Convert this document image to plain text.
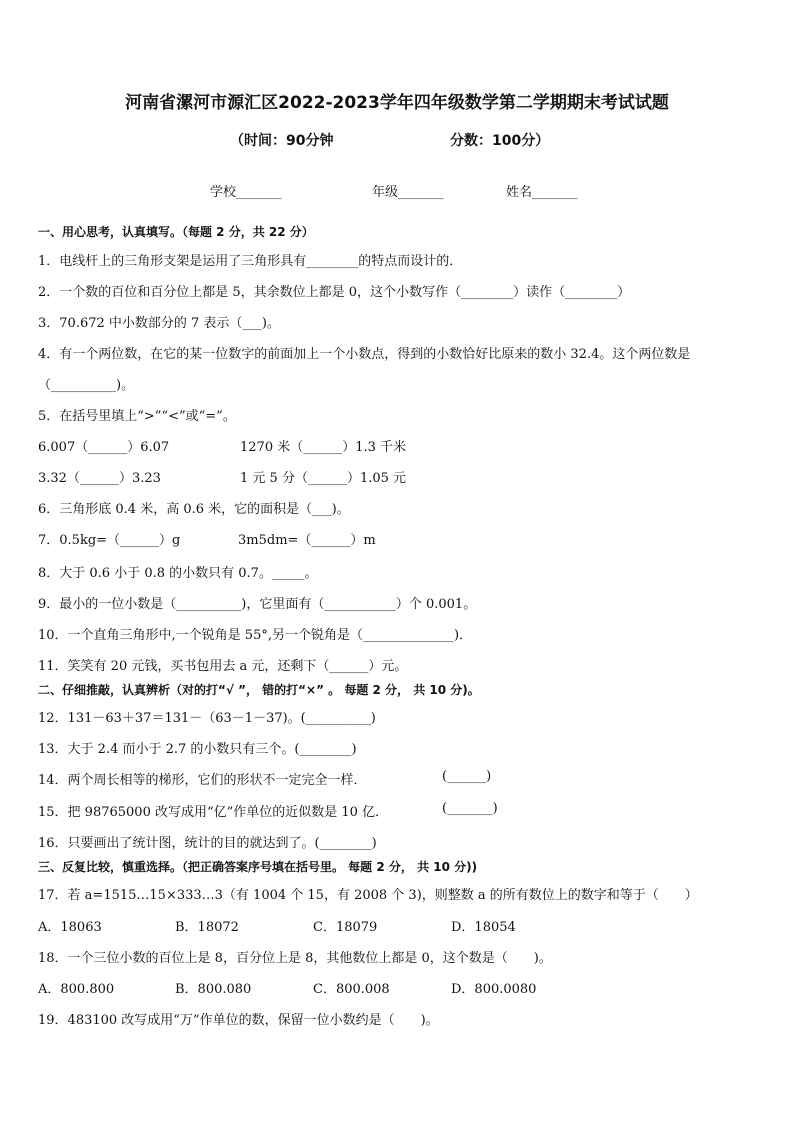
河南省漯河市源汇区2022-2023学年四年级数学第二学期期末考试试题
（时间：90分钟	分数：100分）
学校_______	年级_______	姓名_______
一、用心思考，认真填写。（每题 2 分，共 22 分）
1．电线杆上的三角形支架是运用了三角形具有________的特点而设计的．
2．一个数的百位和百分位上都是 5，其余数位上都是 0，这个小数写作（________）读作（________）
3．70.672 中小数部分的 7 表示（___)。
4．有一个两位数，在它的某一位数字的前面加上一个小数点，得到的小数恰好比原来的数小 32.4。这个两位数是
（__________)。
5．在括号里填上“>”“<”或“=”。
6.007（______）6.07	1270 米（______）1.3 千米
3.32（______）3.23	1 元 5 分（______）1.05 元
6．三角形底 0.4 米，高 0.6 米，它的面积是（___)。
7．0.5kg=（______）g	3m5dm=（______）m
8．大于 0.6 小于 0.8 的小数只有 0.7。_____。
9．最小的一位小数是（__________)，它里面有（___________）个 0.001。
10．一个直角三角形中,一个锐角是 55°,另一个锐角是（______________)．
11．笑笑有 20 元钱，买书包用去 a 元，还剩下（______）元。
二、仔细推敲，认真辨析（对的打“√ ”， 错的打“×” 。 每题 2 分， 共 10 分)。
12．131－63＋37＝131－（63－1－37)。(__________)
13．大于 2.4 而小于 2.7 的小数只有三个。(________)
14．两个周长相等的梯形，它们的形状不一定完全一样．	(______)
15．把 98765000 改写成用“亿”作单位的近似数是 10 亿．	(_______)
16．只要画出了统计图，统计的目的就达到了。(________)
三、反复比较，慎重选择。（把正确答案序号填在括号里。 每题 2 分， 共 10 分))
17．若 a=1515…15×333…3（有 1004 个 15，有 2008 个 3)，则整数 a 的所有数位上的数字和等于（　　）
A．18063	B．18072	C．18079	D．18054
18．一个三位小数的百位上是 8，百分位上是 8，其他数位上都是 0，这个数是（　　)。
A．800.800	B．800.080	C．800.008	D．800.0080
19．483100 改写成用“万”作单位的数，保留一位小数约是（　　)。
